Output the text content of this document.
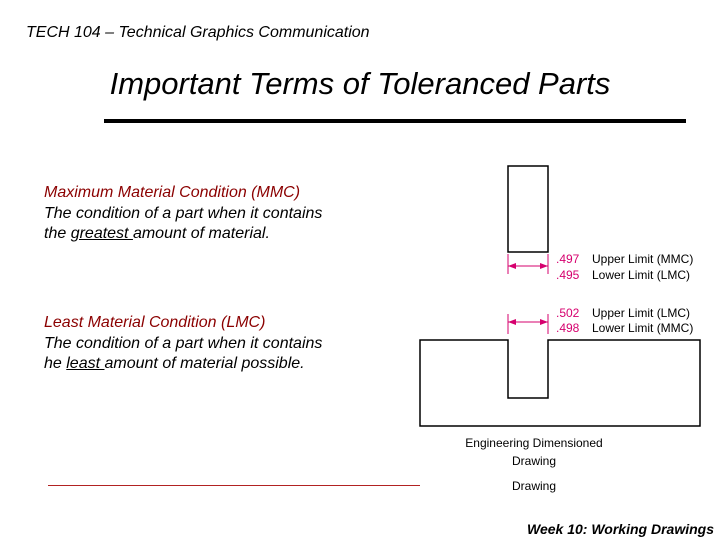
TECH 104 – Technical Graphics Communication
Important Terms of Toleranced Parts
Maximum Material Condition (MMC)
The condition of a part when it contains
the greatest amount of material.
Least Material Condition (LMC)
The condition of a part when it contains
he least amount of material possible.
.497
.495
Upper Limit (MMC)
Lower Limit (LMC)
.502
.498
Upper Limit (LMC)
Lower Limit (MMC)
Engineering Dimensioned
Drawing
Drawing
Week 10: Working Drawings
